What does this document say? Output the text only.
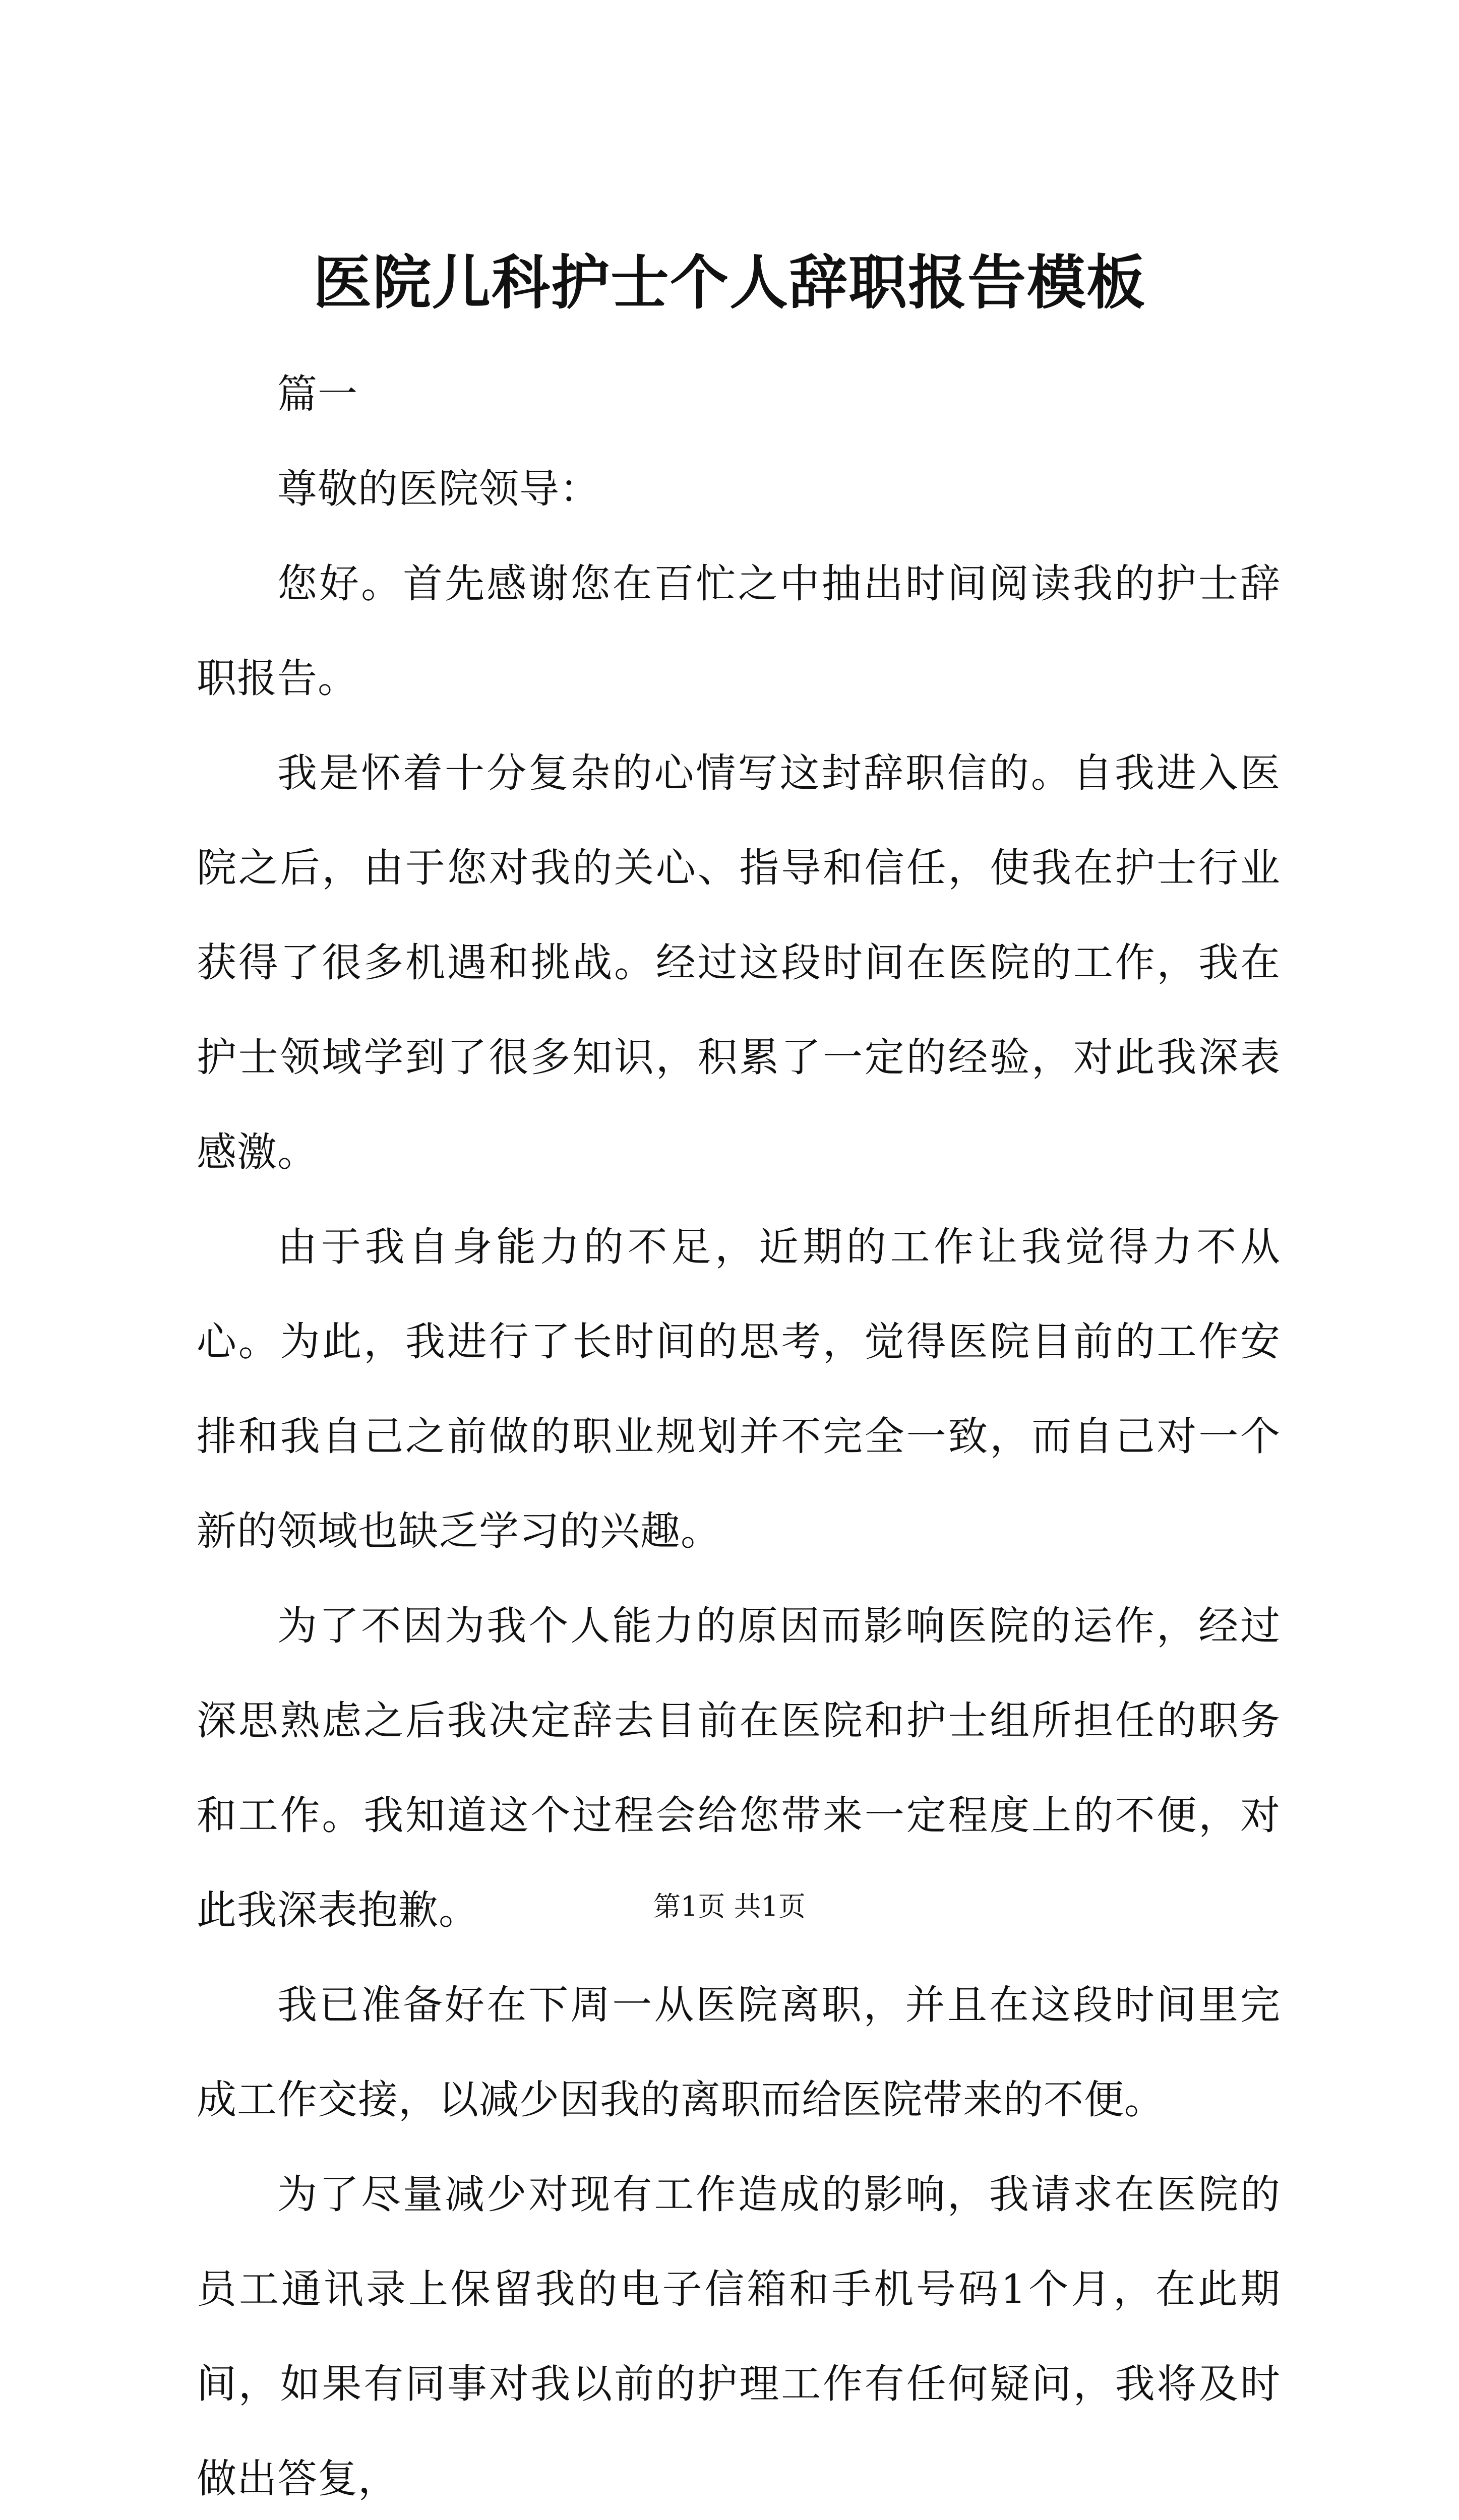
医院儿科护士个人辞职报告模板

篇一

尊敬的医院领导：

您好。首先感谢您在百忙之中抽出时间阅读我的护士辞职报告。

我是怀着十分复杂的心情写这封辞职信的。自我进入医院之后，由于您对我的关心、指导和信任，使我在护士行业获得了很多机遇和挑战。经过这段时间在医院的工作，我在护士领域学到了很多知识，积累了一定的经验，对此我深表感激。

由于我自身能力的不足，近期的工作让我觉得力不从心。为此，我进行了长时间的思考，觉得医院目前的工作安排和我自己之前做的职业规划并不完全一致，而自己对一个新的领域也缺乏学习的兴趣。

为了不因为我个人能力的原因而影响医院的运作，经过深思熟虑之后我决定辞去目前在医院和护士组所担任的职务和工作。我知道这个过程会给您带来一定程度上的不便，对此我深表抱歉。

我已准备好在下周一从医院离职，并且在这段时间里完成工作交接，以减少因我的离职而给医院带来的不便。

为了尽量减少对现有工作造成的影响，我请求在医院的员工通讯录上保留我的电子信箱和手机号码1个月，在此期间，如果有同事对我以前的护理工作有任何疑问，我将及时做出答复，

第1页 共1页
